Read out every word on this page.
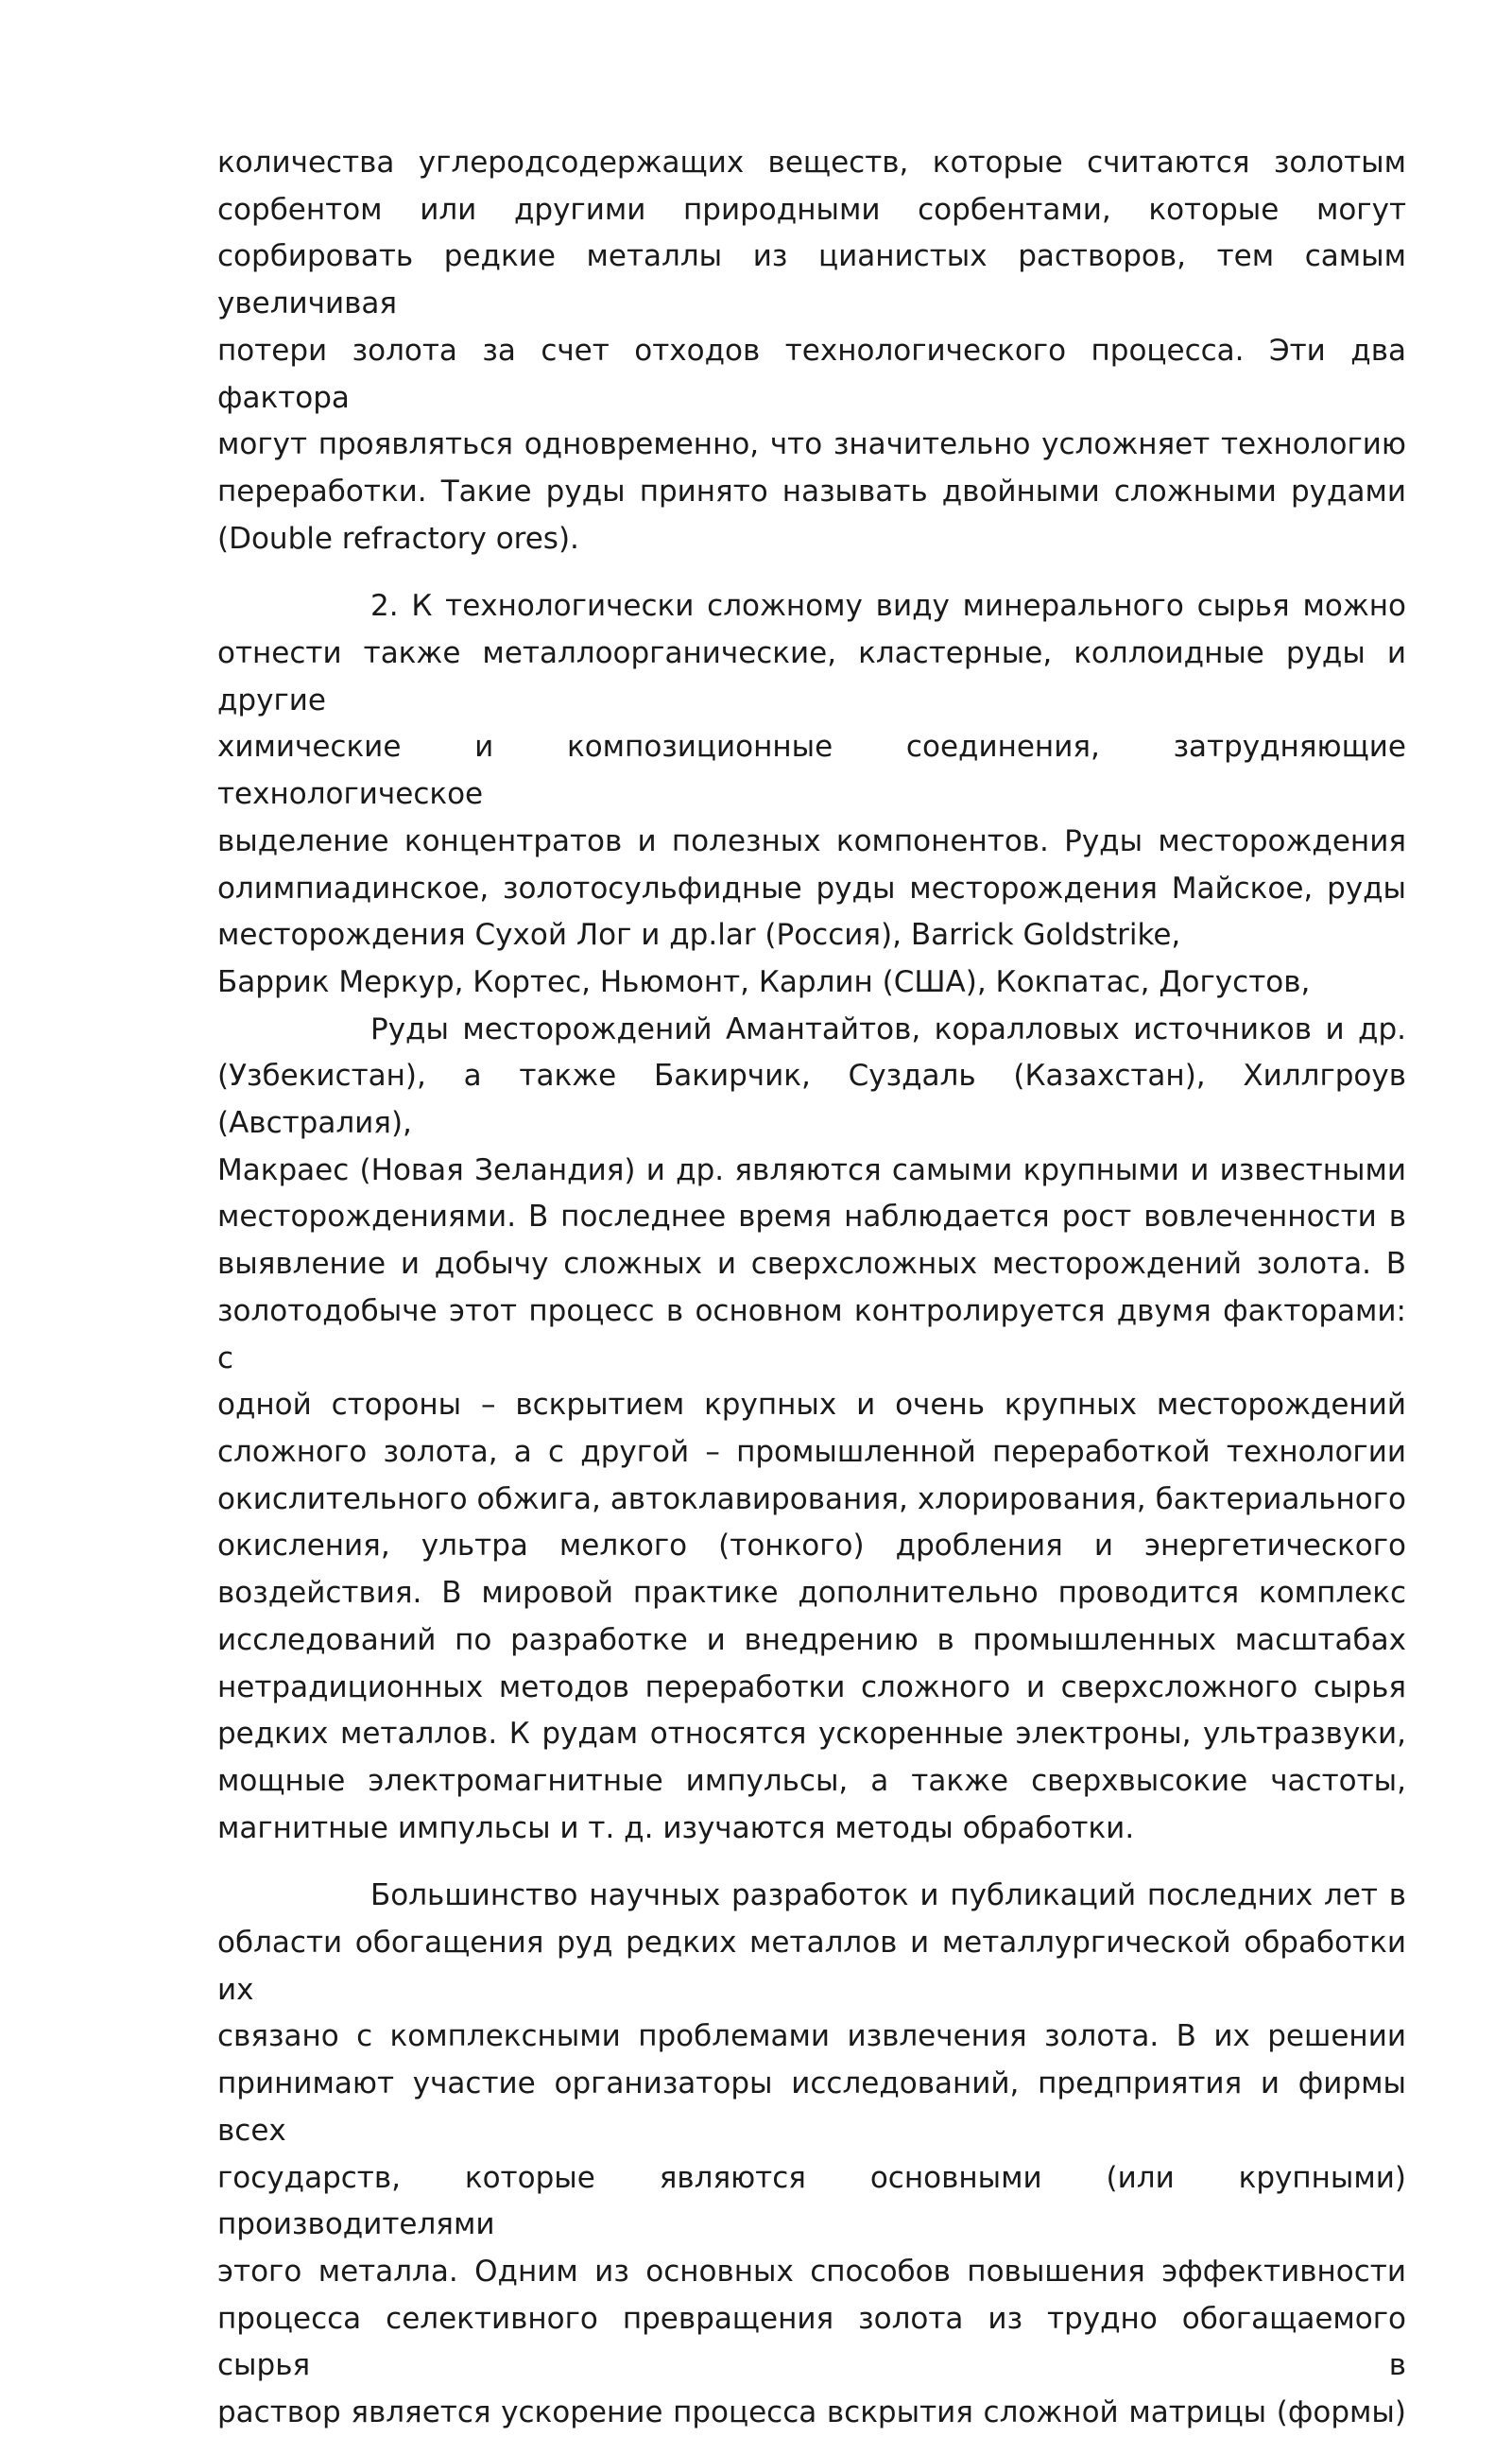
количества углеродсодержащих веществ, которые считаются золотым
сорбентом или другими природными сорбентами, которые могут
сорбировать редкие металлы из цианистых растворов, тем самым увеличивая
потери золота за счет отходов технологического процесса. Эти два фактора
могут проявляться одновременно, что значительно усложняет технологию
переработки. Такие руды принято называть двойными сложными рудами
(Double refractory ores).
2. К технологически сложному виду минерального сырья можно
отнести также металлоорганические, кластерные, коллоидные руды и другие
химические и композиционные соединения, затрудняющие технологическое
выделение концентратов и полезных компонентов. Руды месторождения
олимпиадинское, золотосульфидные руды месторождения Майское, руды
месторождения Сухой Лог и др.lar (Россия), Barrick Goldstrike,
Баррик Меркур, Кортес, Ньюмонт, Карлин (США), Кокпатас, Догустов,
Руды месторождений Амантайтов, коралловых источников и др.
(Узбекистан), а также Бакирчик, Суздаль (Казахстан), Хиллгроув (Австралия),
Макраес (Новая Зеландия) и др. являются самыми крупными и известными
месторождениями. В последнее время наблюдается рост вовлеченности в
выявление и добычу сложных и сверхсложных месторождений золота. В
золотодобыче этот процесс в основном контролируется двумя факторами: с
одной стороны – вскрытием крупных и очень крупных месторождений
сложного золота, а с другой – промышленной переработкой технологии
окислительного обжига, автоклавирования, хлорирования, бактериального
окисления, ультра мелкого (тонкого) дробления и энергетического
воздействия. В мировой практике дополнительно проводится комплекс
исследований по разработке и внедрению в промышленных масштабах
нетрадиционных методов переработки сложного и сверхсложного сырья
редких металлов. К рудам относятся ускоренные электроны, ультразвуки,
мощные электромагнитные импульсы, а также сверхвысокие частоты,
магнитные импульсы и т. д. изучаются методы обработки.
Большинство научных разработок и публикаций последних лет в
области обогащения руд редких металлов и металлургической обработки их
связано с комплексными проблемами извлечения золота. В их решении
принимают участие организаторы исследований, предприятия и фирмы всех
государств, которые являются основными (или крупными) производителями
этого металла. Одним из основных способов повышения эффективности
процесса селективного превращения золота из трудно обогащаемого сырья в
раствор является ускорение процесса вскрытия сложной матрицы (формы)
